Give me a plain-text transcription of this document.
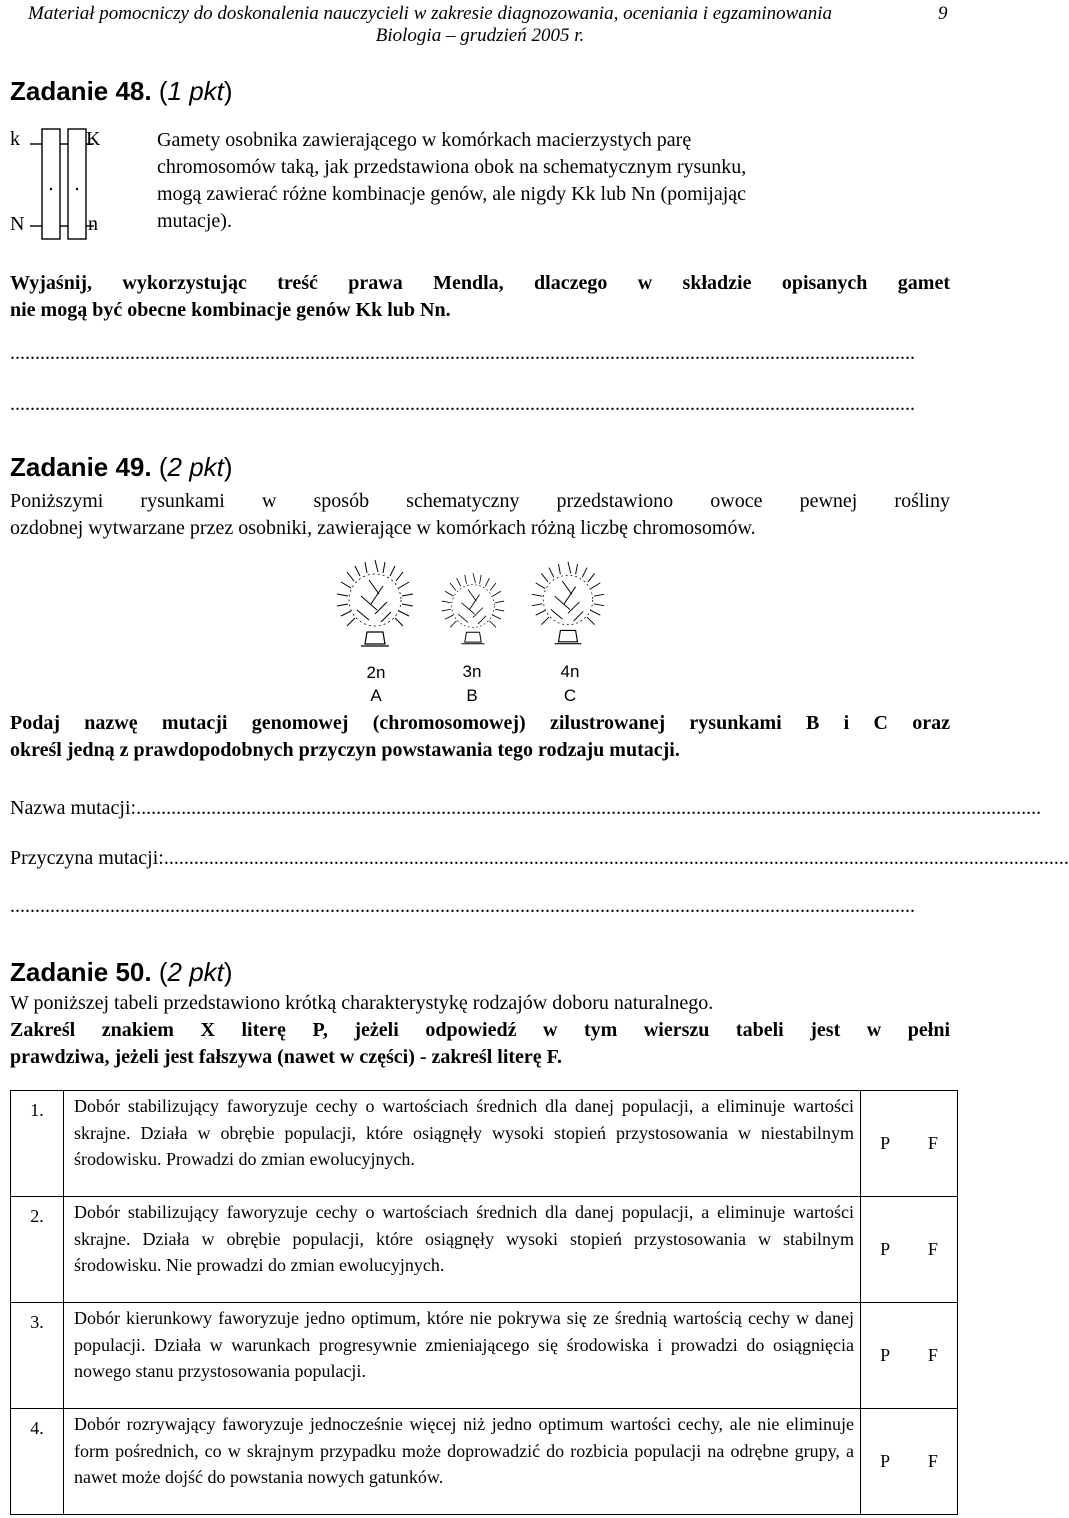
Materiał pomocniczy do doskonalenia nauczycieli w zakresie diagnozowania, oceniania i egzaminowania	9
Biologia – grudzień 2005 r.
Zadanie 48. (1 pkt)
k	K
N	n
Gamety osobnika zawierającego w komórkach macierzystych parę
chromosomów taką, jak przedstawiona obok na schematycznym rysunku,
mogą zawierać różne kombinacje genów, ale nigdy Kk lub Nn (pomijając
mutacje).
Wyjaśnij, wykorzystując treść prawa Mendla, dlaczego w składzie opisanych gamet
nie mogą być obecne kombinacje genów Kk lub Nn.
.....................................................................................................................................................................................
.....................................................................................................................................................................................
Zadanie 49. (2 pkt)
Poniższymi rysunkami w sposób schematyczny przedstawiono owoce pewnej rośliny
ozdobnej wytwarzane przez osobniki, zawierające w komórkach różną liczbę chromosomów.
2n	3n	4n
A	B	C
Podaj nazwę mutacji genomowej (chromosomowej) zilustrowanej rysunkami B i C oraz
określ jedną z prawdopodobnych przyczyn powstawania tego rodzaju mutacji.
Nazwa mutacji:.....................................................................................................................................................................................
Przyczyna mutacji:.....................................................................................................................................................................................
.....................................................................................................................................................................................
Zadanie 50. (2 pkt)
W poniższej tabeli przedstawiono krótką charakterystykę rodzajów doboru naturalnego.
Zakreśl znakiem X literę P, jeżeli odpowiedź w tym wierszu tabeli jest w pełni
prawdziwa, jeżeli jest fałszywa (nawet w części) - zakreśl literę F.
1.	Dobór stabilizujący faworyzuje cechy o wartościach średnich dla danej populacji, a eliminuje wartości skrajne. Działa w obrębie populacji, które osiągnęły wysoki stopień przystosowania w niestabilnym środowisku. Prowadzi do zmian ewolucyjnych.	P F
2.	Dobór stabilizujący faworyzuje cechy o wartościach średnich dla danej populacji, a eliminuje wartości skrajne. Działa w obrębie populacji, które osiągnęły wysoki stopień przystosowania w stabilnym środowisku. Nie prowadzi do zmian ewolucyjnych.	P F
3.	Dobór kierunkowy faworyzuje jedno optimum, które nie pokrywa się ze średnią wartością cechy w danej populacji. Działa w warunkach progresywnie zmieniającego się środowiska i prowadzi do osiągnięcia nowego stanu przystosowania populacji.	P F
4.	Dobór rozrywający faworyzuje jednocześnie więcej niż jedno optimum wartości cechy, ale nie eliminuje form pośrednich, co w skrajnym przypadku może doprowadzić do rozbicia populacji na odrębne grupy, a nawet może dojść do powstania nowych gatunków.	P F
